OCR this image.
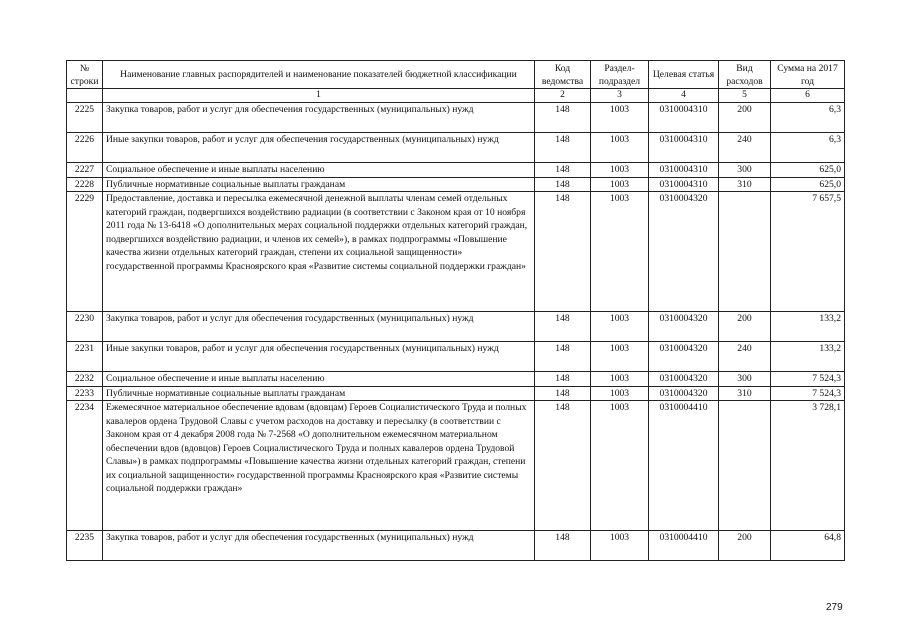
№ строки	Наименование главных распорядителей и наименование показателей бюджетной классификации	Код ведомства	Раздел-подраздел	Целевая статья	Вид расходов	Сумма на 2017 год
	1	2	3	4	5	6
2225	Закупка товаров, работ и услуг для обеспечения государственных (муниципальных) нужд	148	1003	0310004310	200	6,3
2226	Иные закупки товаров, работ и услуг для обеспечения государственных (муниципальных) нужд	148	1003	0310004310	240	6,3
2227	Социальное обеспечение и иные выплаты населению	148	1003	0310004310	300	625,0
2228	Публичные нормативные социальные выплаты гражданам	148	1003	0310004310	310	625,0
2229	Предоставление, доставка и пересылка ежемесячной денежной выплаты членам семей отдельных категорий граждан, подвергшихся воздействию радиации (в соответствии с Законом края от 10 ноября 2011 года № 13-6418 «О дополнительных мерах социальной поддержки отдельных категорий граждан, подвергшихся воздействию радиации, и членов их семей»), в рамках подпрограммы «Повышение качества жизни отдельных категорий граждан, степени их социальной защищенности» государственной программы Красноярского края «Развитие системы социальной поддержки граждан»	148	1003	0310004320		7 657,5
2230	Закупка товаров, работ и услуг для обеспечения государственных (муниципальных) нужд	148	1003	0310004320	200	133,2
2231	Иные закупки товаров, работ и услуг для обеспечения государственных (муниципальных) нужд	148	1003	0310004320	240	133,2
2232	Социальное обеспечение и иные выплаты населению	148	1003	0310004320	300	7 524,3
2233	Публичные нормативные социальные выплаты гражданам	148	1003	0310004320	310	7 524,3
2234	Ежемесячное материальное обеспечение вдовам (вдовцам) Героев Социалистического Труда и полных кавалеров ордена Трудовой Славы с учетом расходов на доставку и пересылку (в соответствии с Законом края от 4 декабря 2008 года № 7-2568 «О дополнительном ежемесячном материальном обеспечении вдов (вдовцов) Героев Социалистического Труда и полных кавалеров ордена Трудовой Славы») в рамках подпрограммы «Повышение качества жизни отдельных категорий граждан, степени их социальной защищенности» государственной программы Красноярского края «Развитие системы социальной поддержки граждан»	148	1003	0310004410		3 728,1
2235	Закупка товаров, работ и услуг для обеспечения государственных (муниципальных) нужд	148	1003	0310004410	200	64,8
279
